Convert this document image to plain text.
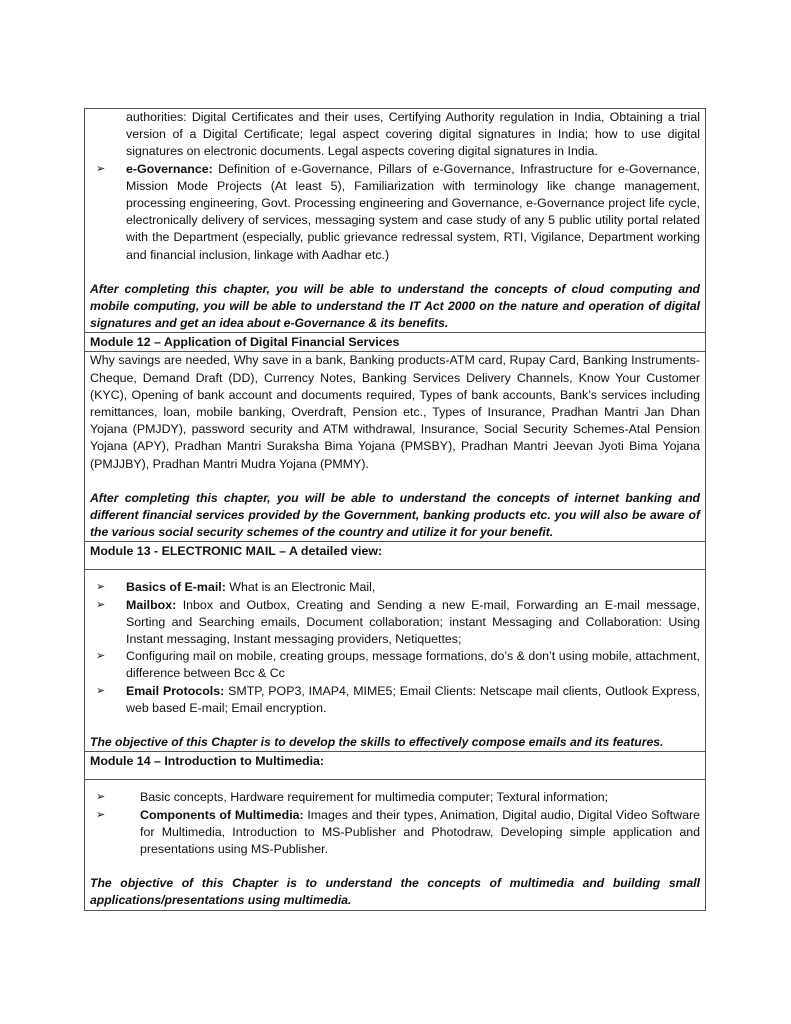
authorities: Digital Certificates and their uses, Certifying Authority regulation in India, Obtaining a trial version of a Digital Certificate; legal aspect covering digital signatures in India; how to use digital signatures on electronic documents. Legal aspects covering digital signatures in India.
➢ e-Governance: Definition of e-Governance, Pillars of e-Governance, Infrastructure for e-Governance, Mission Mode Projects (At least 5), Familiarization with terminology like change management, processing engineering, Govt. Processing engineering and Governance, e-Governance project life cycle, electronically delivery of services, messaging system and case study of any 5 public utility portal related with the Department (especially, public grievance redressal system, RTI, Vigilance, Department working and financial inclusion, linkage with Aadhar etc.)
After completing this chapter, you will be able to understand the concepts of cloud computing and mobile computing, you will be able to understand the IT Act 2000 on the nature and operation of digital signatures and get an idea about e-Governance & its benefits.
Module 12 – Application of Digital Financial Services
Why savings are needed, Why save in a bank, Banking products-ATM card, Rupay Card, Banking Instruments-Cheque, Demand Draft (DD), Currency Notes, Banking Services Delivery Channels, Know Your Customer (KYC), Opening of bank account and documents required, Types of bank accounts, Bank’s services including remittances, loan, mobile banking, Overdraft, Pension etc., Types of Insurance, Pradhan Mantri Jan Dhan Yojana (PMJDY), password security and ATM withdrawal, Insurance, Social Security Schemes-Atal Pension Yojana (APY), Pradhan Mantri Suraksha Bima Yojana (PMSBY), Pradhan Mantri Jeevan Jyoti Bima Yojana (PMJJBY), Pradhan Mantri Mudra Yojana (PMMY).
After completing this chapter, you will be able to understand the concepts of internet banking and different financial services provided by the Government, banking products etc. you will also be aware of the various social security schemes of the country and utilize it for your benefit.
Module 13 - ELECTRONIC MAIL – A detailed view:
➢ Basics of E-mail: What is an Electronic Mail,
➢ Mailbox: Inbox and Outbox, Creating and Sending a new E-mail, Forwarding an E-mail message, Sorting and Searching emails, Document collaboration; instant Messaging and Collaboration: Using Instant messaging, Instant messaging providers, Netiquettes;
➢ Configuring mail on mobile, creating groups, message formations, do’s & don’t using mobile, attachment, difference between Bcc & Cc
➢ Email Protocols: SMTP, POP3, IMAP4, MIME5; Email Clients: Netscape mail clients, Outlook Express, web based E-mail; Email encryption.
The objective of this Chapter is to develop the skills to effectively compose emails and its features.
Module 14 – Introduction to Multimedia:
➢	Basic concepts, Hardware requirement for multimedia computer; Textural information;
➢	Components of Multimedia: Images and their types, Animation, Digital audio, Digital Video Software for Multimedia, Introduction to MS-Publisher and Photodraw, Developing simple application and presentations using MS-Publisher.
The objective of this Chapter is to understand the concepts of multimedia and building small applications/presentations using multimedia.
